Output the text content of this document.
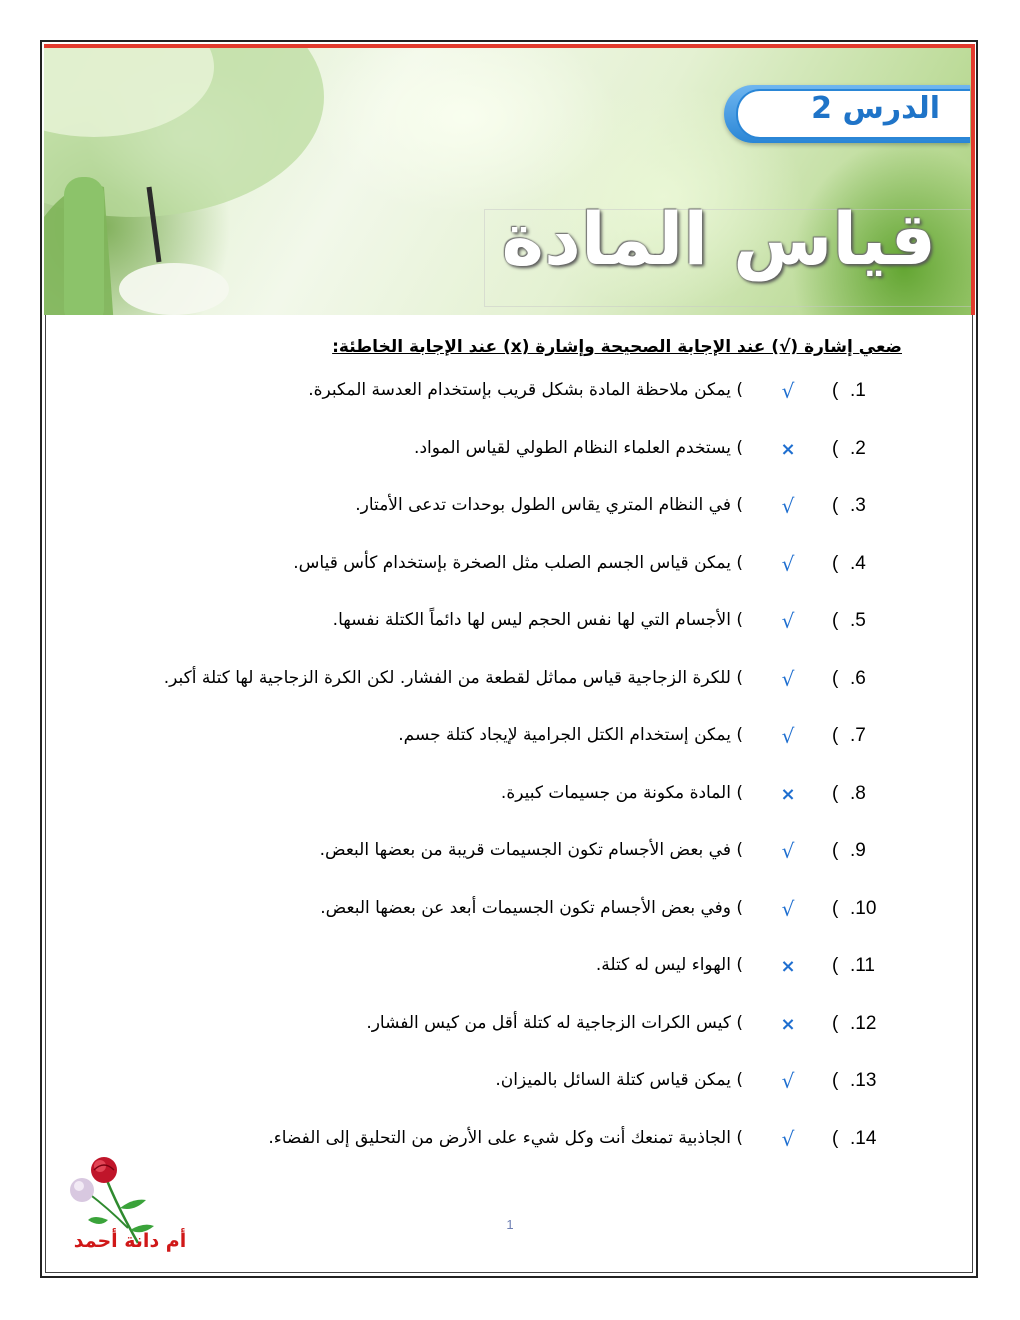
الدرس 2
قياس المادة
ضعي إشارة (√) عند الإجابة الصحيحة وإشارة (x) عند الإجابة الخاطئة:
.1
(
√
) يمكن ملاحظة المادة بشكل قريب بإستخدام العدسة المكبرة.
.2
(
×
) يستخدم العلماء النظام الطولي لقياس المواد.
.3
(
√
) في النظام المتري يقاس الطول بوحدات تدعى الأمتار.
.4
(
√
) يمكن قياس الجسم الصلب مثل الصخرة بإستخدام كأس قياس.
.5
(
√
) الأجسام التي لها نفس الحجم ليس لها دائماً الكتلة نفسها.
.6
(
√
) للكرة الزجاجية قياس مماثل لقطعة من الفشار. لكن الكرة الزجاجية لها كتلة أكبر.
.7
(
√
) يمكن إستخدام الكتل الجرامية لإيجاد كتلة جسم.
.8
(
×
) المادة مكونة من جسيمات كبيرة.
.9
(
√
) في بعض الأجسام تكون الجسيمات قريبة من بعضها البعض.
.10
(
√
) وفي بعض الأجسام تكون الجسيمات أبعد عن بعضها البعض.
.11
(
×
) الهواء ليس له كتلة.
.12
(
×
) كيس الكرات الزجاجية له كتلة أقل من كيس الفشار.
.13
(
√
) يمكن قياس كتلة السائل بالميزان.
.14
(
√
) الجاذبية تمنعك أنت وكل شيء على الأرض من التحليق إلى الفضاء.
أم دانة أحمد
1
